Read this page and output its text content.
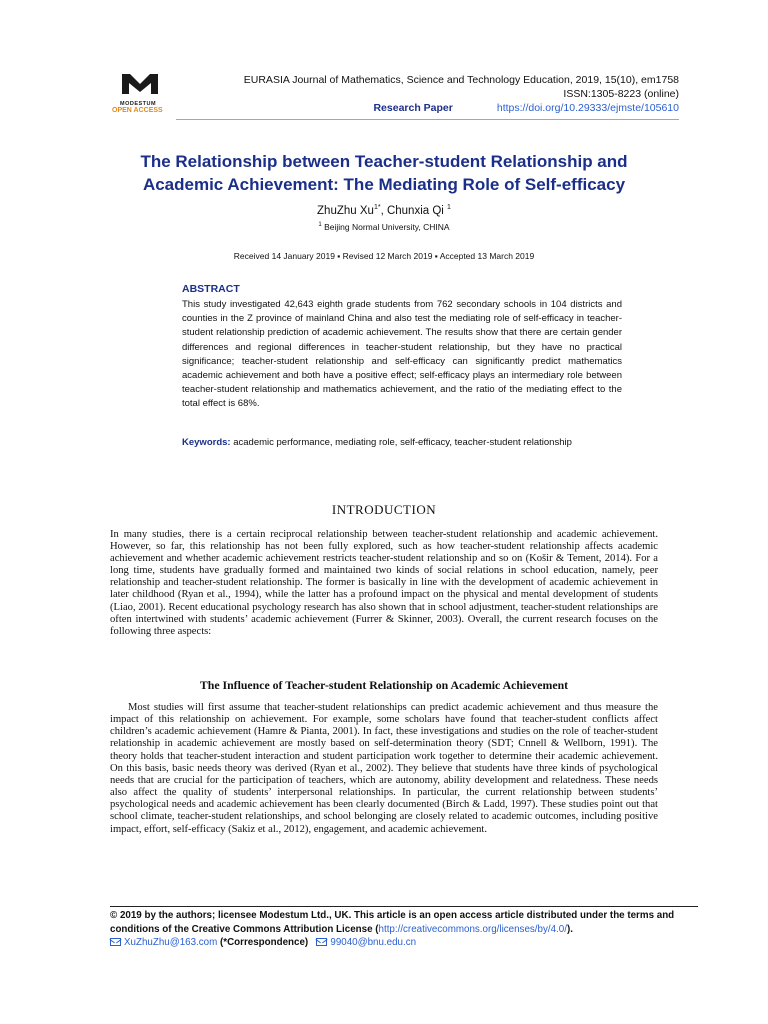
MODESTUM
OPEN ACCESS
EURASIA Journal of Mathematics, Science and Technology Education, 2019, 15(10), em1758
ISSN:1305-8223 (online)
Research Paper	https://doi.org/10.29333/ejmste/105610
The Relationship between Teacher-student Relationship and
Academic Achievement: The Mediating Role of Self-efficacy
ZhuZhu $Xu^{1*}$, Chunxia Qi $^1$
$^1$ Beijing Normal University, CHINA
Received 14 January 2019 ▪ Revised 12 March 2019 ▪ Accepted 13 March 2019
ABSTRACT
This study investigated 42,643 eighth grade students from 762 secondary schools in 104 districts and counties in the Z province of mainland China and also test the mediating role of self-efficacy in teacher-student relationship prediction of academic achievement. The results show that there are certain gender differences and regional differences in teacher-student relationship, but they have no practical significance; teacher-student relationship and self-efficacy can significantly predict mathematics academic achievement and both have a positive effect; self-efficacy plays an intermediary role between teacher-student relationship and mathematics achievement, and the ratio of the mediating effect to the total effect is 68%.
Keywords: academic performance, mediating role, self-efficacy, teacher-student relationship
INTRODUCTION
In many studies, there is a certain reciprocal relationship between teacher-student relationship and academic achievement. However, so far, this relationship has not been fully explored, such as how teacher-student relationship affects academic achievement and whether academic achievement restricts teacher-student relationship and so on (Košir & Tement, 2014). For a long time, students have gradually formed and maintained two kinds of social relations in school education, namely, peer relationship and teacher-student relationship. The former is basically in line with the development of academic achievement in later childhood (Ryan et al., 1994), while the latter has a profound impact on the physical and mental development of students (Liao, 2001). Recent educational psychology research has also shown that in school adjustment, teacher-student relationships are often intertwined with students’ academic achievement (Furrer & Skinner, 2003). Overall, the current research focuses on the following three aspects:
The Influence of Teacher-student Relationship on Academic Achievement
Most studies will first assume that teacher-student relationships can predict academic achievement and thus measure the impact of this relationship on achievement. For example, some scholars have found that teacher-student conflicts affect children’s academic achievement (Hamre & Pianta, 2001). In fact, these investigations and studies on the role of teacher-student relationship in academic achievement are mostly based on self-determination theory (SDT; Cnnell & Wellborn, 1991). The theory holds that teacher-student interaction and student participation work together to determine their academic achievement. On this basis, basic needs theory was derived (Ryan et al., 2002). They believe that students have three kinds of psychological needs that are crucial for the participation of teachers, which are autonomy, ability development and relatedness. These needs also affect the quality of students’ interpersonal relationships. In particular, the current relationship between students’ psychological needs and academic achievement has been clearly documented (Birch & Ladd, 1997). These studies point out that school climate, teacher-student relationships, and school belonging are closely related to academic outcomes, including positive impact, effort, self-efficacy (Sakiz et al., 2012), engagement, and academic achievement.
© 2019 by the authors; licensee Modestum Ltd., UK. This article is an open access article distributed under the terms and conditions of the Creative Commons Attribution License (http://creativecommons.org/licenses/by/4.0/).
XuZhuZhu@163.com (*Correspondence) 99040@bnu.edu.cn
